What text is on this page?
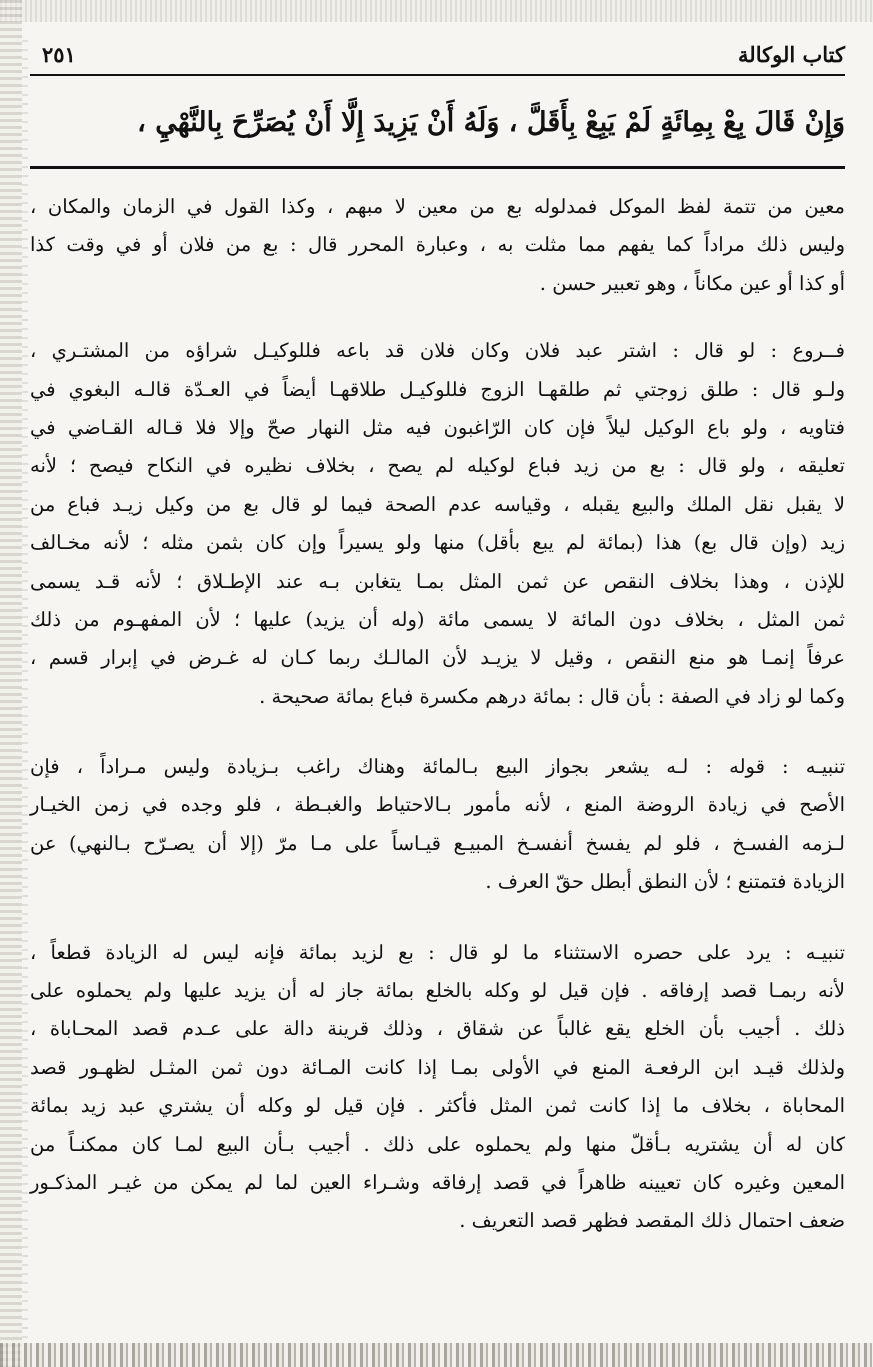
كتاب الوكالة
٢٥١
وَإِنْ قَالَ بِعْ بِمِائَةٍ لَمْ يَبِعْ بِأَقَلَّ ، وَلَهُ أَنْ يَزِيدَ إِلَّا أَنْ يُصَرِّحَ بِالنَّهْيِ ،
معين من تتمة لفظ الموكل فمدلوله بع من معين لا مبهم ، وكذا القول في الزمان والمكان ،
وليس ذلك مراداً كما يفهم مما مثلت به ، وعبارة المحرر قال : بع من فلان أو في وقت كذا
أو كذا أو عين مكاناً ، وهو تعبير حسن .
فــروع : لو قال : اشتر عبد فلان وكان فلان قد باعه فللوكيـل شراؤه من المشتـري ،
ولـو قال : طلق زوجتي ثم طلقهـا الزوج فللوكيـل طلاقهـا أيضاً في العـدّة قالـه البغوي في
فتاويه ، ولو باع الوكيل ليلاً فإن كان الرّاغبون فيه مثل النهار صحّ وإلا فلا قـاله القـاضي في
تعليقه ، ولو قال : بع من زيد فباع لوكيله لم يصح ، بخلاف نظيره في النكاح فيصح ؛ لأنه
لا يقبل نقل الملك والبيع يقبله ، وقياسه عدم الصحة فيما لو قال بع من وكيل زيـد فباع من
زيد (وإن قال بع) هذا (بمائة لم يبع بأقل) منها ولو يسيراً وإن كان بثمن مثله ؛ لأنه مخـالف
للإذن ، وهذا بخلاف النقص عن ثمن المثل بمـا يتغابن بـه عند الإطـلاق ؛ لأنه قـد يسمى
ثمن المثل ، بخلاف دون المائة لا يسمى مائة (وله أن يزيد) عليها ؛ لأن المفهـوم من ذلك
عرفاً إنمـا هو منع النقص ، وقيل لا يزيـد لأن المالـك ربما كـان له غـرض في إبرار قسم ،
وكما لو زاد في الصفة : بأن قال : بمائة درهم مكسرة فباع بمائة صحيحة .
تنبيـه : قوله : لـه يشعر بجواز البيع بـالمائة وهناك راغب بـزيادة وليس مـراداً ، فإن
الأصح في زيادة الروضة المنع ، لأنه مأمور بـالاحتياط والغبـطة ، فلو وجده في زمن الخيـار
لـزمه الفسـخ ، فلو لم يفسخ أنفسـخ المبيـع قيـاساً على مـا مرّ (إلا أن يصـرّح بـالنهي) عن
الزيادة فتمتنع ؛ لأن النطق أبطل حقّ العرف .
تنبيـه : يرد على حصره الاستثناء ما لو قال : بع لزيد بمائة فإنه ليس له الزيادة قطعاً ،
لأنه ربمـا قصد إرفاقه . فإن قيل لو وكله بالخلع بمائة جاز له أن يزيد عليها ولم يحملوه على
ذلك . أجيب بأن الخلع يقع غالباً عن شقاق ، وذلك قرينة دالة على عـدم قصد المحـاباة ،
ولذلك قيـد ابن الرفعـة المنع في الأولى بمـا إذا كانت المـائة دون ثمن المثـل لظهـور قصد
المحاباة ، بخلاف ما إذا كانت ثمن المثل فأكثر . فإن قيل لو وكله أن يشتري عبد زيد بمائة
كان له أن يشتريه بـأقلّ منها ولم يحملوه على ذلك . أجيب بـأن البيع لمـا كان ممكنـاً من
المعين وغيره كان تعيينه ظاهراً في قصد إرفاقه وشـراء العين لما لم يمكن من غيـر المذكـور
ضعف احتمال ذلك المقصد فظهر قصد التعريف .
